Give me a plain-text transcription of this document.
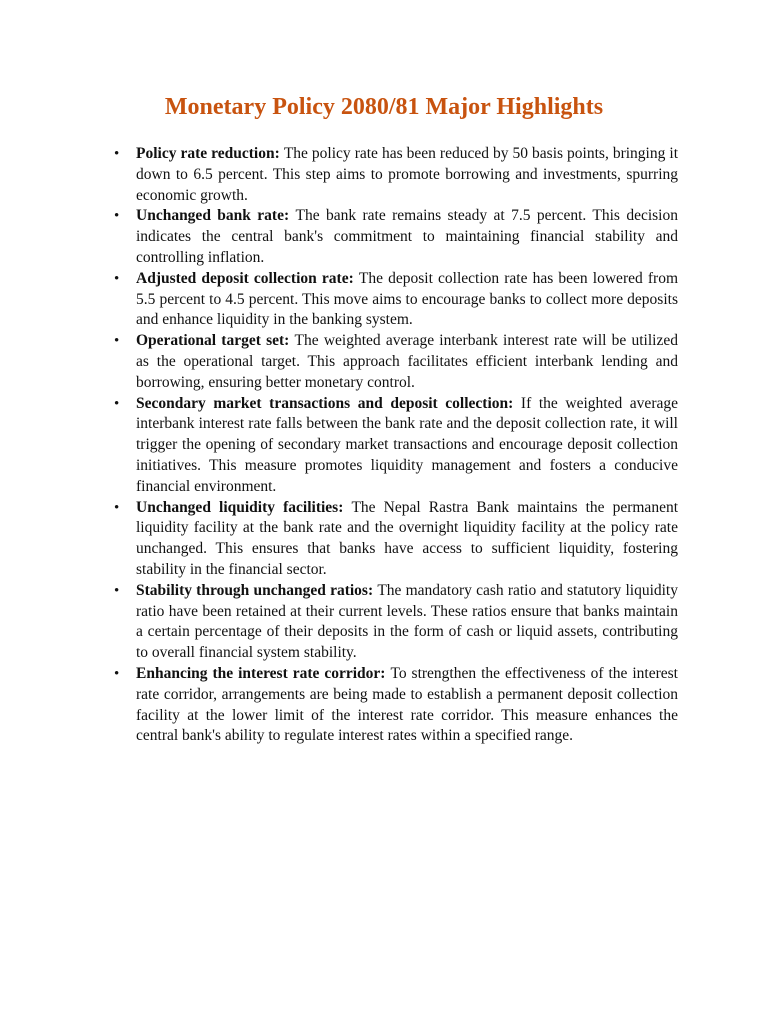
Monetary Policy 2080/81 Major Highlights
• Policy rate reduction: The policy rate has been reduced by 50 basis points, bringing it down to 6.5 percent. This step aims to promote borrowing and investments, spurring economic growth.
• Unchanged bank rate: The bank rate remains steady at 7.5 percent. This decision indicates the central bank's commitment to maintaining financial stability and controlling inflation.
• Adjusted deposit collection rate: The deposit collection rate has been lowered from 5.5 percent to 4.5 percent. This move aims to encourage banks to collect more deposits and enhance liquidity in the banking system.
• Operational target set: The weighted average interbank interest rate will be utilized as the operational target. This approach facilitates efficient interbank lending and borrowing, ensuring better monetary control.
• Secondary market transactions and deposit collection: If the weighted average interbank interest rate falls between the bank rate and the deposit collection rate, it will trigger the opening of secondary market transactions and encourage deposit collection initiatives. This measure promotes liquidity management and fosters a conducive financial environment.
• Unchanged liquidity facilities: The Nepal Rastra Bank maintains the permanent liquidity facility at the bank rate and the overnight liquidity facility at the policy rate unchanged. This ensures that banks have access to sufficient liquidity, fostering stability in the financial sector.
• Stability through unchanged ratios: The mandatory cash ratio and statutory liquidity ratio have been retained at their current levels. These ratios ensure that banks maintain a certain percentage of their deposits in the form of cash or liquid assets, contributing to overall financial system stability.
• Enhancing the interest rate corridor: To strengthen the effectiveness of the interest rate corridor, arrangements are being made to establish a permanent deposit collection facility at the lower limit of the interest rate corridor. This measure enhances the central bank's ability to regulate interest rates within a specified range.
